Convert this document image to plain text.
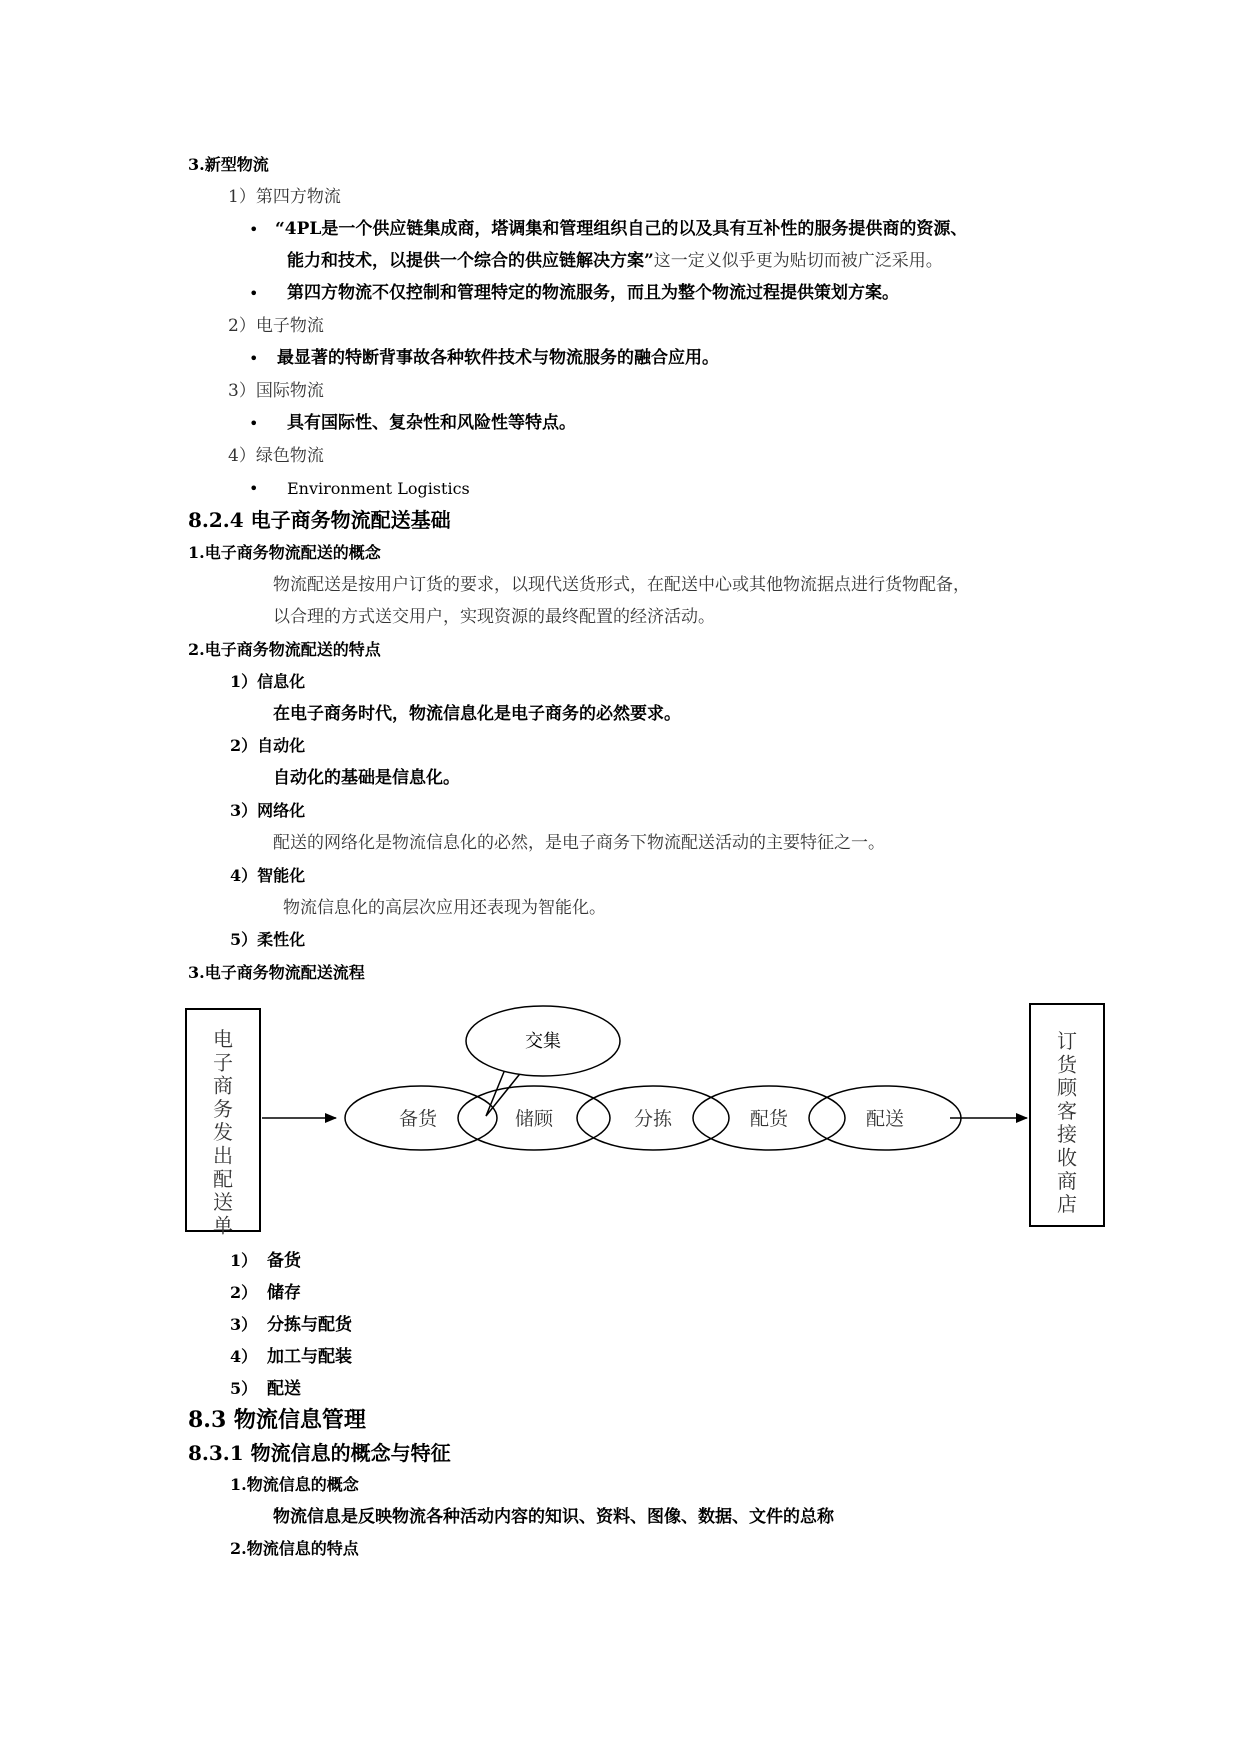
3.新型物流
1）第四方物流
• “4PL是一个供应链集成商，塔调集和管理组织自己的以及具有互补性的服务提供商的资源、
能力和技术，以提供一个综合的供应链解决方案”这一定义似乎更为贴切而被广泛采用。
• 第四方物流不仅控制和管理特定的物流服务，而且为整个物流过程提供策划方案。
2）电子物流
• 最显著的特断背事故各种软件技术与物流服务的融合应用。
3）国际物流
• 具有国际性、复杂性和风险性等特点。
4）绿色物流
• Environment Logistics
8.2.4 电子商务物流配送基础
1.电子商务物流配送的概念
物流配送是按用户订货的要求，以现代送货形式，在配送中心或其他物流据点进行货物配备，
以合理的方式送交用户，实现资源的最终配置的经济活动。
2.电子商务物流配送的特点
1）信息化
在电子商务时代，物流信息化是电子商务的必然要求。
2）自动化
自动化的基础是信息化。
3）网络化
配送的网络化是物流信息化的必然，是电子商务下物流配送活动的主要特征之一。
4）智能化
物流信息化的高层次应用还表现为智能化。
5）柔性化
3.电子商务物流配送流程
电
子
商
务
发
出
配
送
单
订
货
顾
客
接
收
商
店
交集
备货	储顾	分拣	配货	配送
1） 备货
2） 储存
3） 分拣与配货
4） 加工与配装
5） 配送
8.3 物流信息管理
8.3.1 物流信息的概念与特征
1.物流信息的概念
物流信息是反映物流各种活动内容的知识、资料、图像、数据、文件的总称
2.物流信息的特点
